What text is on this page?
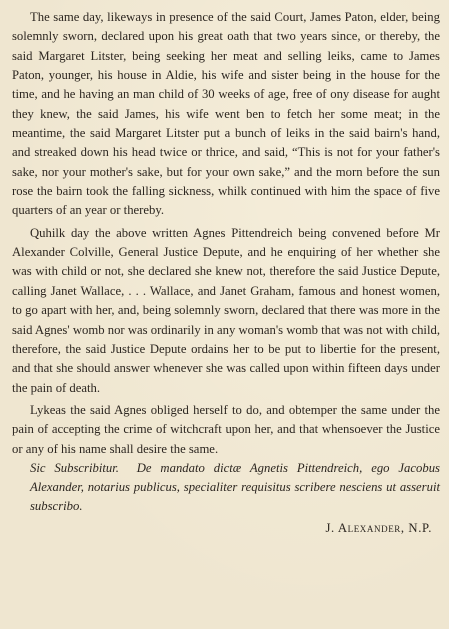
The same day, likeways in presence of the said Court, James Paton, elder, being solemnly sworn, declared upon his great oath that two years since, or thereby, the said Margaret Litster, being seeking her meat and selling leiks, came to James Paton, younger, his house in Aldie, his wife and sister being in the house for the time, and he having an man child of 30 weeks of age, free of ony disease for aught they knew, the said James, his wife went ben to fetch her some meat; in the meantime, the said Margaret Litster put a bunch of leiks in the said bairn's hand, and streaked down his head twice or thrice, and said, “This is not for your father's sake, nor your mother's sake, but for your own sake,” and the morn before the sun rose the bairn took the falling sickness, whilk continued with him the space of five quarters of an year or thereby.

Quhilk day the above written Agnes Pittendreich being convened before Mr Alexander Colville, General Justice Depute, and he enquiring of her whether she was with child or not, she declared she knew not, therefore the said Justice Depute, calling Janet Wallace, . . . Wallace, and Janet Graham, famous and honest women, to go apart with her, and, being solemnly sworn, declared that there was more in the said Agnes' womb nor was ordinarily in any woman's womb that was not with child, therefore, the said Justice Depute ordains her to be put to libertie for the present, and that she should answer whenever she was called upon within fifteen days under the pain of death.

Lykeas the said Agnes obliged herself to do, and obtemper the same under the pain of accepting the crime of witchcraft upon her, and that whensoever the Justice or any of his name shall desire the same.

Sic Subscribitur. De mandato dictæ Agnetis Pittendreich, ego Jacobus Alexander, notarius publicus, specialiter requisitus scribere nesciens ut asseruit subscribo.

J. Alexander, N.P.
